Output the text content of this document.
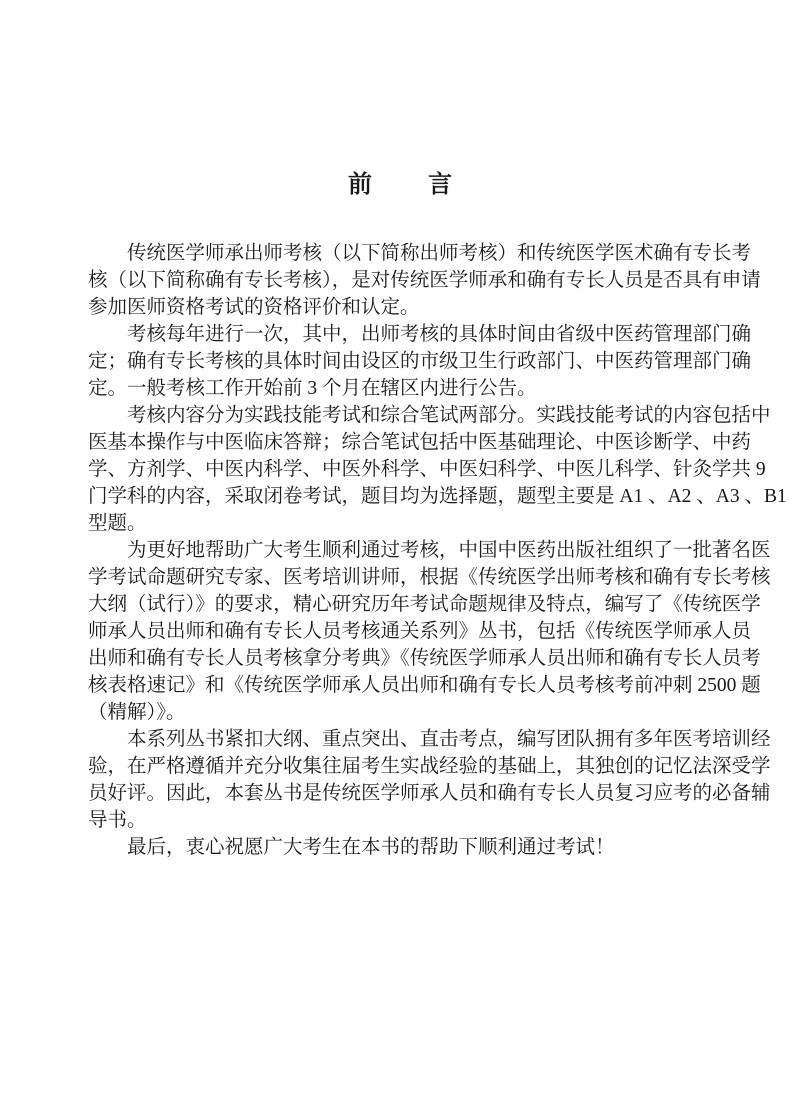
前 言
传统医学师承出师考核（以下简称出师考核）和传统医学医术确有专长考
核（以下简称确有专长考核），是对传统医学师承和确有专长人员是否具有申请
参加医师资格考试的资格评价和认定。
考核每年进行一次，其中，出师考核的具体时间由省级中医药管理部门确
定；确有专长考核的具体时间由设区的市级卫生行政部门、中医药管理部门确
定。一般考核工作开始前 3 个月在辖区内进行公告。
考核内容分为实践技能考试和综合笔试两部分。实践技能考试的内容包括中
医基本操作与中医临床答辩；综合笔试包括中医基础理论、中医诊断学、中药
学、方剂学、中医内科学、中医外科学、中医妇科学、中医儿科学、针灸学共 9
门学科的内容，采取闭卷考试，题目均为选择题，题型主要是 A1 、A2 、A3 、B1
型题。
为更好地帮助广大考生顺利通过考核，中国中医药出版社组织了一批著名医
学考试命题研究专家、医考培训讲师，根据《传统医学出师考核和确有专长考核
大纲（试行）》的要求，精心研究历年考试命题规律及特点，编写了《传统医学
师承人员出师和确有专长人员考核通关系列》丛书，包括《传统医学师承人员
出师和确有专长人员考核拿分考典》《传统医学师承人员出师和确有专长人员考
核表格速记》和《传统医学师承人员出师和确有专长人员考核考前冲刺 2500 题
（精解）》。
本系列丛书紧扣大纲、重点突出、直击考点，编写团队拥有多年医考培训经
验，在严格遵循并充分收集往届考生实战经验的基础上，其独创的记忆法深受学
员好评。因此，本套丛书是传统医学师承人员和确有专长人员复习应考的必备辅
导书。
最后，衷心祝愿广大考生在本书的帮助下顺利通过考试！
